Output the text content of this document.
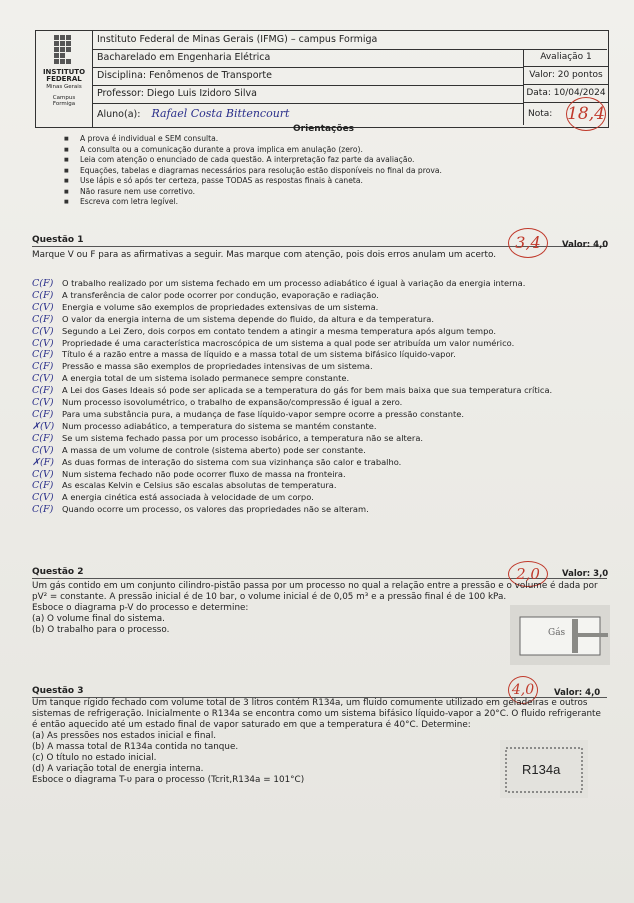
INSTITUTO
FEDERAL
Minas Gerais
Campus
Formiga
Instituto Federal de Minas Gerais (IFMG) – campus Formiga
Bacharelado em Engenharia Elétrica
Disciplina: Fenômenos de Transporte
Professor: Diego Luis Izidoro Silva
Aluno(a): Rafael Costa Bittencourt
Avaliação 1
Valor: 20 pontos
Data: 10/04/2024
Nota: 18,4
Orientações
■ A prova é individual e SEM consulta.
■ A consulta ou a comunicação durante a prova implica em anulação (zero).
■ Leia com atenção o enunciado de cada questão. A interpretação faz parte da avaliação.
■ Equações, tabelas e diagramas necessários para resolução estão disponíveis no final da prova.
■ Use lápis e só após ter certeza, passe TODAS as respostas finais à caneta.
■ Não rasure nem use corretivo.
■ Escreva com letra legível.
Questão 1	3,4	Valor: 4,0
Marque V ou F para as afirmativas a seguir. Mas marque com atenção, pois dois erros anulam um acerto.
C(F) O trabalho realizado por um sistema fechado em um processo adiabático é igual à variação da energia interna.
C(F) A transferência de calor pode ocorrer por condução, evaporação e radiação.
C(V) Energia e volume são exemplos de propriedades extensivas de um sistema.
C(F) O valor da energia interna de um sistema depende do fluido, da altura e da temperatura.
C(V) Segundo a Lei Zero, dois corpos em contato tendem a atingir a mesma temperatura após algum tempo.
C(V) Propriedade é uma característica macroscópica de um sistema a qual pode ser atribuída um valor numérico.
C(F) Título é a razão entre a massa de líquido e a massa total de um sistema bifásico líquido-vapor.
C(F) Pressão e massa são exemplos de propriedades intensivas de um sistema.
C(V) A energia total de um sistema isolado permanece sempre constante.
C(F) A Lei dos Gases Ideais só pode ser aplicada se a temperatura do gás for bem mais baixa que sua temperatura crítica.
C(V) Num processo isovolumétrico, o trabalho de expansão/compressão é igual a zero.
C(F) Para uma substância pura, a mudança de fase líquido-vapor sempre ocorre a pressão constante.
✗(V) Num processo adiabático, a temperatura do sistema se mantém constante.
C(F) Se um sistema fechado passa por um processo isobárico, a temperatura não se altera.
C(V) A massa de um volume de controle (sistema aberto) pode ser constante.
✗(F) As duas formas de interação do sistema com sua vizinhança são calor e trabalho.
C(V) Num sistema fechado não pode ocorrer fluxo de massa na fronteira.
C(F) As escalas Kelvin e Celsius são escalas absolutas de temperatura.
C(V) A energia cinética está associada à velocidade de um corpo.
C(F) Quando ocorre um processo, os valores das propriedades não se alteram.
Questão 2	2,0	Valor: 3,0
Um gás contido em um conjunto cilindro-pistão passa por um processo no qual a relação entre a pressão e o volume é dada por
pV² = constante. A pressão inicial é de 10 bar, o volume inicial é de 0,05 m³ e a pressão final é de 100 kPa.
Esboce o diagrama p-V do processo e determine:
(a) O volume final do sistema.
(b) O trabalho para o processo.	Gás
Questão 3	4,0	Valor: 4,0
Um tanque rígido fechado com volume total de 3 litros contém R134a, um fluido comumente utilizado em geladeiras e outros
sistemas de refrigeração. Inicialmente o R134a se encontra como um sistema bifásico líquido-vapor a 20°C. O fluido refrigerante
é então aquecido até um estado final de vapor saturado em que a temperatura é 40°C. Determine:
(a) As pressões nos estados inicial e final.
(b) A massa total de R134a contida no tanque.
(c) O título no estado inicial.
(d) A variação total de energia interna.
Esboce o diagrama T-υ para o processo (Tcrit,R134a = 101°C)
R134a
